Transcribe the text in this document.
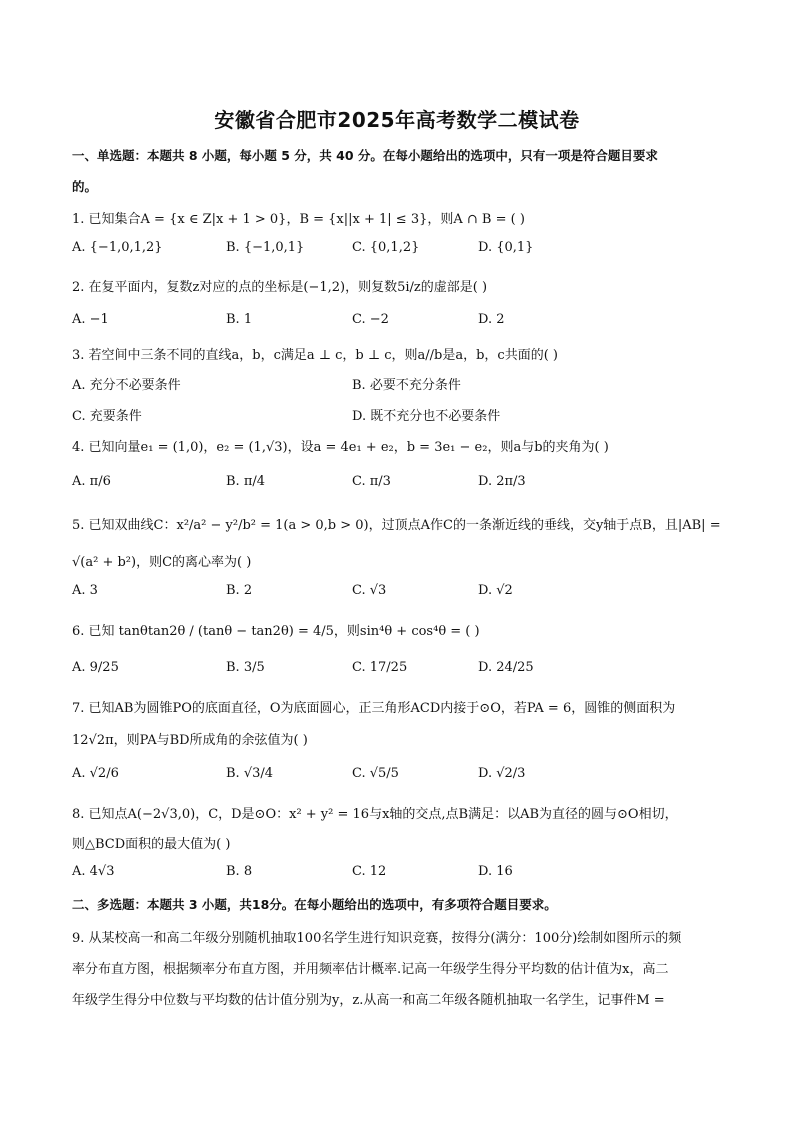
安徽省合肥市2025年高考数学二模试卷
一、单选题：本题共 8 小题，每小题 5 分，共 40 分。在每小题给出的选项中，只有一项是符合题目要求
的。
1. 已知集合A = {x ∈ Z|x + 1 > 0}，B = {x||x + 1| ≤ 3}，则A ∩ B = ( )
A. {−1,0,1,2}	B. {−1,0,1}	C. {0,1,2}	D. {0,1}
2. 在复平面内，复数z对应的点的坐标是(−1,2)，则复数5i/z的虚部是( )
A. −1	B. 1	C. −2	D. 2
3. 若空间中三条不同的直线a，b，c满足a ⊥ c，b ⊥ c，则a//b是a，b，c共面的( )
A. 充分不必要条件	B. 必要不充分条件
C. 充要条件	D. 既不充分也不必要条件
4. 已知向量e₁ = (1,0)，e₂ = (1,√3)，设a = 4e₁ + e₂，b = 3e₁ − e₂，则a与b的夹角为( )
A. π/6	B. π/4	C. π/3	D. 2π/3
5. 已知双曲线C：x²/a² − y²/b² = 1(a > 0,b > 0)，过顶点A作C的一条渐近线的垂线，交y轴于点B，且|AB| =
√(a² + b²)，则C的离心率为( )
A. 3	B. 2	C. √3	D. √2
6. 已知 tanθtan2θ / (tanθ − tan2θ) = 4/5，则sin⁴θ + cos⁴θ = ( )
A. 9/25	B. 3/5	C. 17/25	D. 24/25
7. 已知AB为圆锥PO的底面直径，O为底面圆心，正三角形ACD内接于⊙O，若PA = 6，圆锥的侧面积为
12√2π，则PA与BD所成角的余弦值为( )
A. √2/6	B. √3/4	C. √5/5	D. √2/3
8. 已知点A(−2√3,0)，C，D是⊙O：x² + y² = 16与x轴的交点,点B满足：以AB为直径的圆与⊙O相切，
则△BCD面积的最大值为( )
A. 4√3	B. 8	C. 12	D. 16
二、多选题：本题共 3 小题，共18分。在每小题给出的选项中，有多项符合题目要求。
9. 从某校高一和高二年级分别随机抽取100名学生进行知识竞赛，按得分(满分：100分)绘制如图所示的频
率分布直方图，根据频率分布直方图，并用频率估计概率.记高一年级学生得分平均数的估计值为x，高二
年级学生得分中位数与平均数的估计值分别为y，z.从高一和高二年级各随机抽取一名学生，记事件M =
